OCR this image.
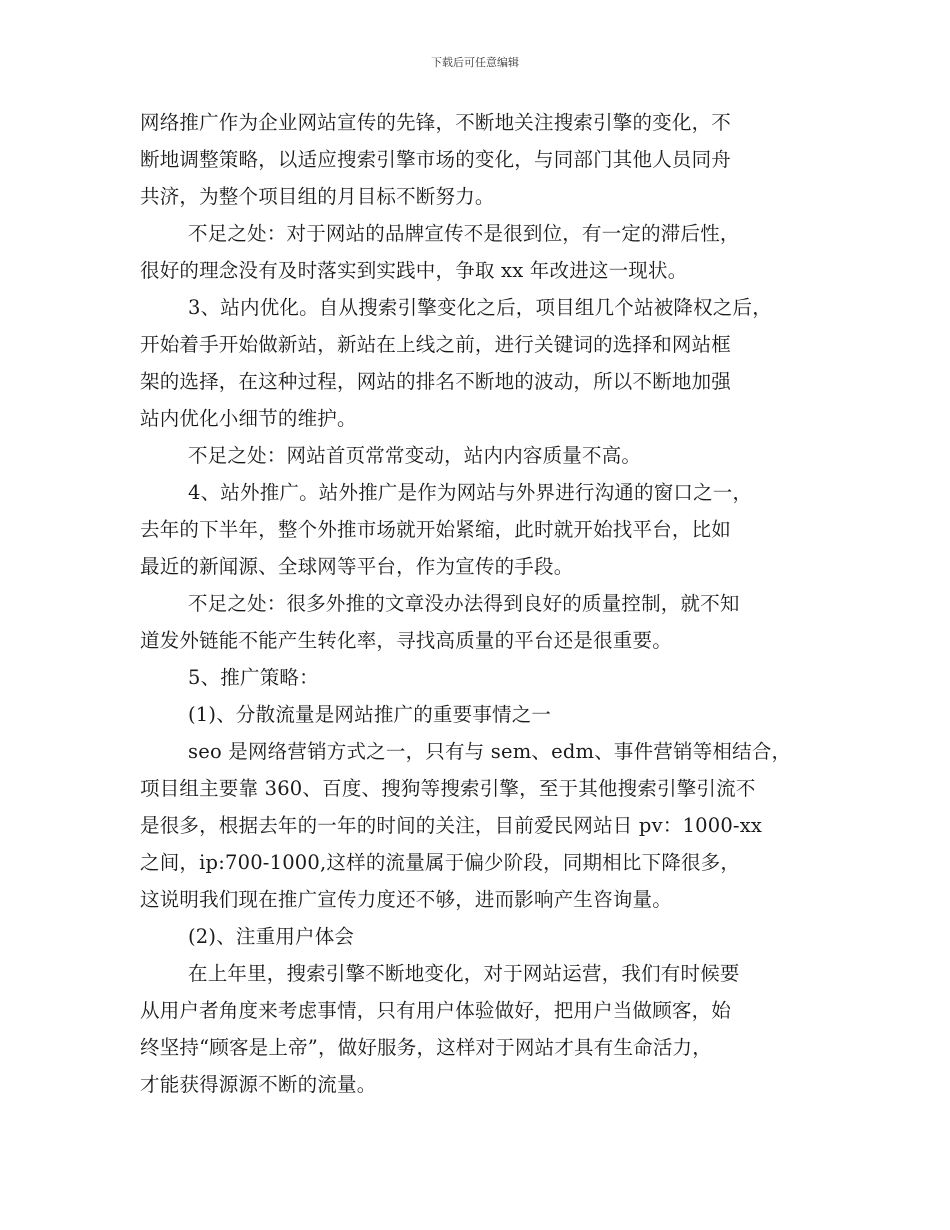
下载后可任意编辑
网络推广作为企业网站宣传的先锋，不断地关注搜索引擎的变化，不
断地调整策略，以适应搜索引擎市场的变化，与同部门其他人员同舟
共济，为整个项目组的月目标不断努力。
不足之处：对于网站的品牌宣传不是很到位，有一定的滞后性，
很好的理念没有及时落实到实践中，争取 xx 年改进这一现状。
3、站内优化。自从搜索引擎变化之后，项目组几个站被降权之后，
开始着手开始做新站，新站在上线之前，进行关键词的选择和网站框
架的选择，在这种过程，网站的排名不断地的波动，所以不断地加强
站内优化小细节的维护。
不足之处：网站首页常常变动，站内内容质量不高。
4、站外推广。站外推广是作为网站与外界进行沟通的窗口之一，
去年的下半年，整个外推市场就开始紧缩，此时就开始找平台，比如
最近的新闻源、全球网等平台，作为宣传的手段。
不足之处：很多外推的文章没办法得到良好的质量控制，就不知
道发外链能不能产生转化率，寻找高质量的平台还是很重要。
5、推广策略：
(1)、分散流量是网站推广的重要事情之一
seo 是网络营销方式之一，只有与 sem、edm、事件营销等相结合，
项目组主要靠 360、百度、搜狗等搜索引擎，至于其他搜索引擎引流不
是很多，根据去年的一年的时间的关注，目前爱民网站日 pv：1000-xx
之间，ip:700-1000,这样的流量属于偏少阶段，同期相比下降很多，
这说明我们现在推广宣传力度还不够，进而影响产生咨询量。
(2)、注重用户体会
在上年里，搜索引擎不断地变化，对于网站运营，我们有时候要
从用户者角度来考虑事情，只有用户体验做好，把用户当做顾客，始
终坚持“顾客是上帝”，做好服务，这样对于网站才具有生命活力，
才能获得源源不断的流量。
